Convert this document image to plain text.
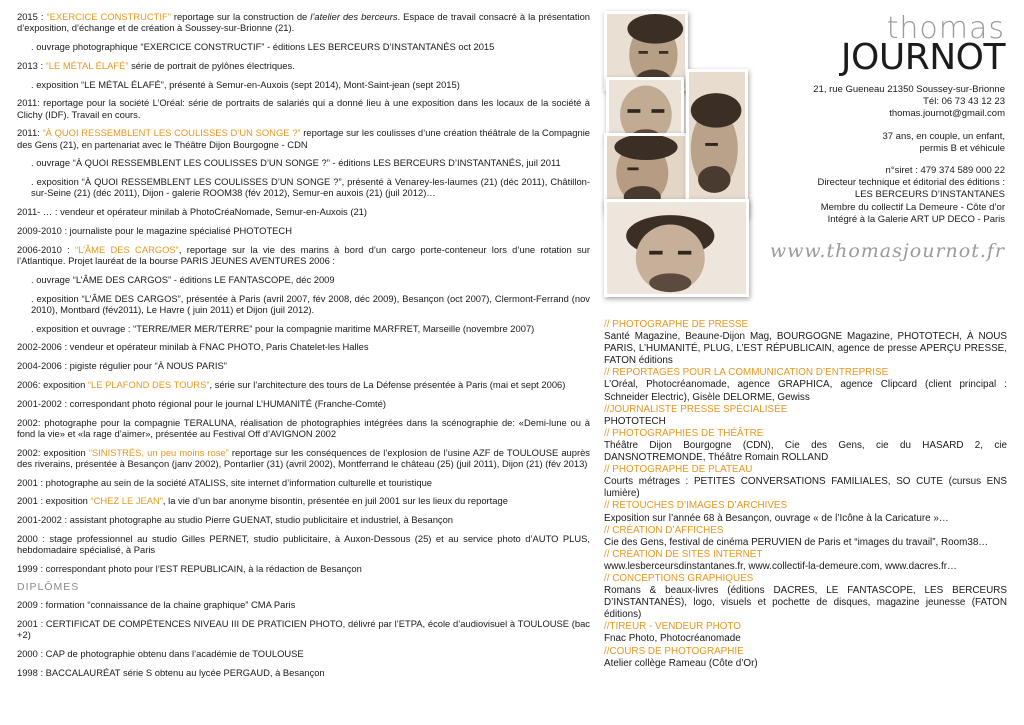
2015 : “EXERCICE CONSTRUCTIF” reportage sur la construction de l’atelier des berceurs. Espace de travail consacré à la présentation d’exposition, d’échange et de création à Soussey-sur-Brionne (21).

. ouvrage photographique “EXERCICE CONSTRUCTIF” - éditions LES BERCEURS D’INSTANTANÉS oct 2015

2013 : “LE MÉTAL ÉLAFÉ” série de portrait de pylônes électriques.

. exposition “LE MÉTAL ÉLAFÉ”, présenté à Semur-en-Auxois (sept 2014), Mont-Saint-jean (sept 2015)

2011: reportage pour la société L’Oréal: série de portraits de salariés qui a donné lieu à une exposition dans les locaux de la société à Clichy (IDF). Travail en cours.

2011: “À QUOI RESSEMBLENT LES COULISSES D’UN SONGE ?” reportage sur les coulisses d’une création théâtrale de la Compagnie des Gens (21), en partenariat avec le Théâtre Dijon Bourgogne - CDN

. ouvrage “À QUOI RESSEMBLENT LES COULISSES D’UN SONGE ?” - éditions LES BERCEURS D’INSTANTANÉS, juil 2011

. exposition “À QUOI RESSEMBLENT LES COULISSES D’UN SONGE ?”, présenté à Venarey-les-laumes (21) (déc 2011), Châtillon-sur-Seine (21) (déc 2011), Dijon - galerie ROOM38 (fév 2012), Semur-en auxois (21) (juil 2012)…

2011- … : vendeur et opérateur minilab à PhotoCréaNomade, Semur-en-Auxois (21)

2009-2010 : journaliste pour le magazine spécialisé PHOTOTECH

2006-2010 : “L’ÂME DES CARGOS”, reportage sur la vie des marins à bord d’un cargo porte-conteneur lors d’une rotation sur l’Atlantique. Projet lauréat de la bourse PARIS JEUNES AVENTURES 2006 :

. ouvrage “L’ÂME DES CARGOS” - éditions LE FANTASCOPE, déc 2009

. exposition “L’ÂME DES CARGOS”, présentée à Paris (avril 2007, fév 2008, déc 2009), Besançon (oct 2007), Clermont-Ferrand (nov 2010), Montbard (fév2011), Le Havre ( juin 2011) et Dijon (juil 2012).

. exposition et ouvrage : “TERRE/MER MER/TERRE” pour la compagnie maritime MARFRET, Marseille (novembre 2007)

2002-2006 : vendeur et opérateur minilab à FNAC PHOTO, Paris Chatelet-les Halles

2004-2006 : pigiste régulier pour “À NOUS PARIS”

2006: exposition “LE PLAFOND DES TOURS”, série sur l’architecture des tours de La Défense présentée à Paris (mai et sept 2006)

2001-2002 : correspondant photo régional pour le journal L’HUMANITÉ (Franche-Comté)

2002: photographe pour la compagnie TERALUNA, réalisation de photographies intégrées dans la scénographie de: «Demi-lune ou à fond la vie» et «la rage d’aimer», présentée au Festival Off d’AVIGNON 2002

2002: exposition “SINISTRÉS, un peu moins rose” reportage sur les conséquences de l’explosion de l’usine AZF de TOULOUSE auprès des riverains, présentée à Besançon (janv 2002), Pontarlier (31) (avril 2002), Montferrand le château (25) (juil 2011), Dijon (21) (fév 2013)

2001 : photographe au sein de la société ATALISS, site internet d’information culturelle et touristique

2001 : exposition “CHEZ LE JEAN”, la vie d’un bar anonyme bisontin, présentée en juil 2001 sur les lieux du reportage

2001-2002 : assistant photographe au studio Pierre GUENAT, studio publicitaire et industriel, à Besançon

2000 : stage professionnel au studio Gilles PERNET, studio publicitaire, à Auxon-Dessous (25) et au service photo d’AUTO PLUS, hebdomadaire spécialisé, à Paris

1999 : correspondant photo pour l’EST REPUBLICAIN, à la rédaction de Besançon

DIPLÔMES

2009 : formation “connaissance de la chaine graphique” CMA Paris

2001 : CERTIFICAT DE COMPÉTENCES NIVEAU III DE PRATICIEN PHOTO, délivré par l’ETPA, école d’audiovisuel à TOULOUSE (bac +2)

2000 : CAP de photographie obtenu dans l’académie de TOULOUSE

1998 : BACCALAURÉAT série S obtenu au lycée PERGAUD, à Besançon

thomas
JOURNOT
21, rue Gueneau 21350 Soussey-sur-Brionne
Tél: 06 73 43 12 23
thomas.journot@gmail.com
37 ans, en couple, un enfant,
permis B et véhicule
n°siret : 479 374 589 000 22
Directeur technique et éditorial des éditions :
LES BERCEURS D’INSTANTANES
Membre du collectif La Demeure - Côte d’or
Intégré à la Galerie ART UP DECO - Paris
www.thomasjournot.fr
// PHOTOGRAPHE DE PRESSE
Santé Magazine, Beaune-Dijon Mag, BOURGOGNE Magazine, PHOTOTECH, À NOUS PARIS, L’HUMANITÉ, PLUG, L’EST RÉPUBLICAIN, agence de presse APERÇU PRESSE, FATON éditions
// REPORTAGES POUR LA COMMUNICATION D’ENTREPRISE
L’Oréal, Photocréanomade, agence GRAPHICA, agence Clipcard (client principal : Schneider Electric), Gisèle DELORME, Gewiss
//JOURNALISTE PRESSE SPÉCIALISÉE
PHOTOTECH
// PHOTOGRAPHIES DE THÉÂTRE
Théâtre Dijon Bourgogne (CDN), Cie des Gens, cie du HASARD 2, cie DANSNOTREMONDE, Théâtre Romain ROLLAND
// PHOTOGRAPHE DE PLATEAU
Courts métrages : PETITES CONVERSATIONS FAMILIALES, SO CUTE (cursus ENS lumière)
// RETOUCHES D’IMAGES D’ARCHIVES
Exposition sur l’année 68 à Besançon, ouvrage « de l’Icône à la Caricature »…
// CRÉATION D’AFFICHES
Cie des Gens, festival de cinéma PERUVIEN de Paris et “images du travail”, Room38…
// CRÉATION DE SITES INTERNET
www.lesberceursdinstantanes.fr, www.collectif-la-demeure.com, www.dacres.fr…
// CONCEPTIONS GRAPHIQUES
Romans & beaux-livres (éditions DACRES, LE FANTASCOPE, LES BERCEURS D’INSTANTANÉS), logo, visuels et pochette de disques, magazine jeunesse (FATON éditions)
//TIREUR - VENDEUR PHOTO
Fnac Photo, Photocréanomade
//COURS DE PHOTOGRAPHIE
Atelier collège Rameau (Côte d’Or)
